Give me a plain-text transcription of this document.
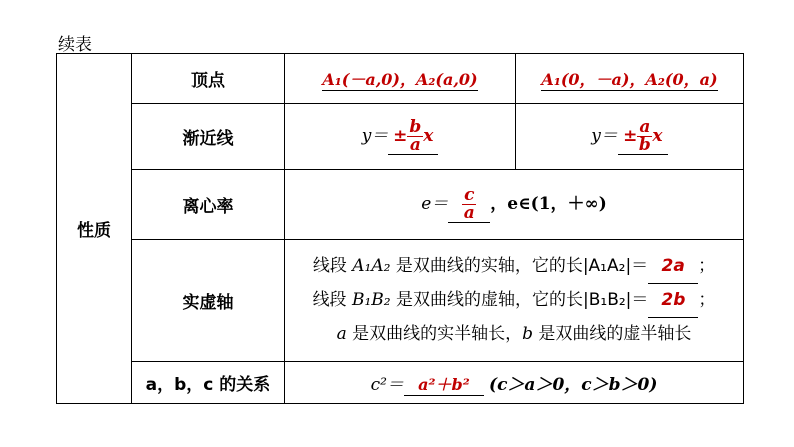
续表
性质	顶点	A₁(－a,0)，A₂(a,0)	A₁(0，－a)，A₂(0，a)
	渐近线	$y= \pm \frac{b}{a}$ x	$y= \pm \frac{a}{b}$ x
	离心率	$e= \frac{c}{a}$ ，e∈(1，＋∞)	
	实虚轴	线段 A₁A₂ 是双曲线的实轴，它的长|A₁A₂|＝ 2a ；
线段 B₁B₂ 是双曲线的虚轴，它的长|B₁B₂|＝ 2b ；
a 是双曲线的实半轴长，b 是双曲线的虚半轴长	

	a，b，c 的关系	c²＝ a²＋b² (c＞a＞0，c＞b＞0)	
